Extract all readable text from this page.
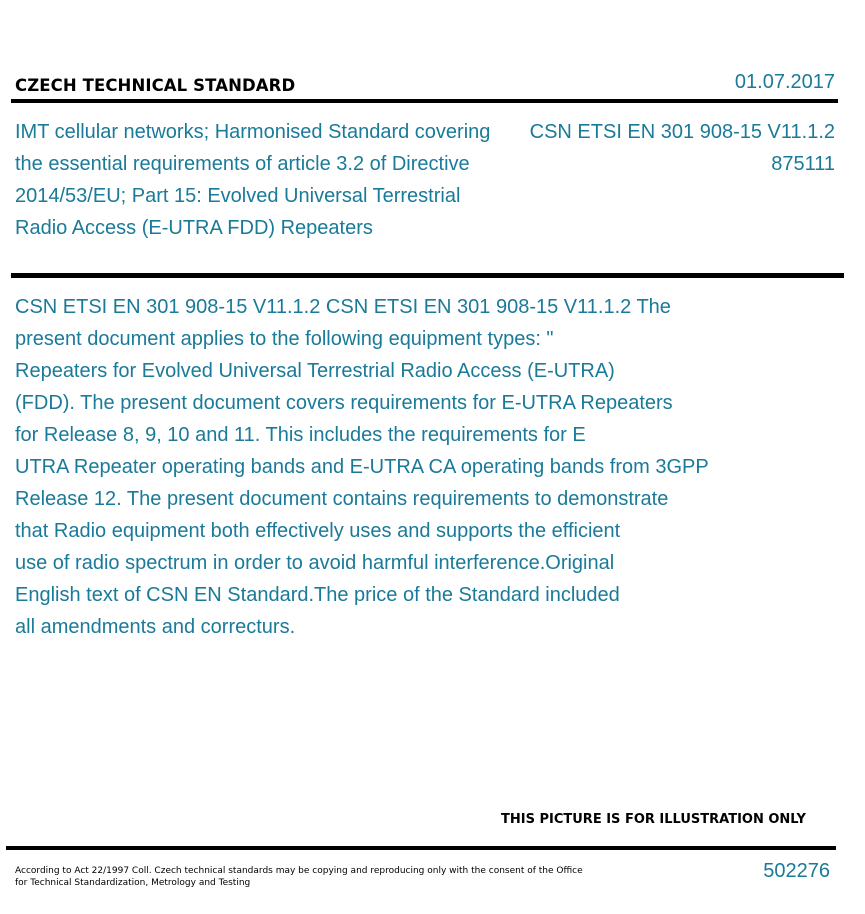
CZECH TECHNICAL STANDARD	01.07.2017
IMT cellular networks; Harmonised Standard covering
the essential requirements of article 3.2 of Directive
2014/53/EU; Part 15: Evolved Universal Terrestrial
Radio Access (E-UTRA FDD) Repeaters
CSN ETSI EN 301 908-15 V11.1.2
875111
CSN ETSI EN 301 908-15 V11.1.2 CSN ETSI EN 301 908-15 V11.1.2 The
present document applies to the following equipment types: "
Repeaters for Evolved Universal Terrestrial Radio Access (E-UTRA)
(FDD). The present document covers requirements for E-UTRA Repeaters
for Release 8, 9, 10 and 11. This includes the requirements for E
UTRA Repeater operating bands and E-UTRA CA operating bands from 3GPP
Release 12. The present document contains requirements to demonstrate
that Radio equipment both effectively uses and supports the efficient
use of radio spectrum in order to avoid harmful interference.Original
English text of CSN EN Standard.The price of the Standard included
all amendments and correcturs.
THIS PICTURE IS FOR ILLUSTRATION ONLY
According to Act 22/1997 Coll. Czech technical standards may be copying and reproducing only with the consent of the Office
for Technical Standardization, Metrology and Testing
502276
